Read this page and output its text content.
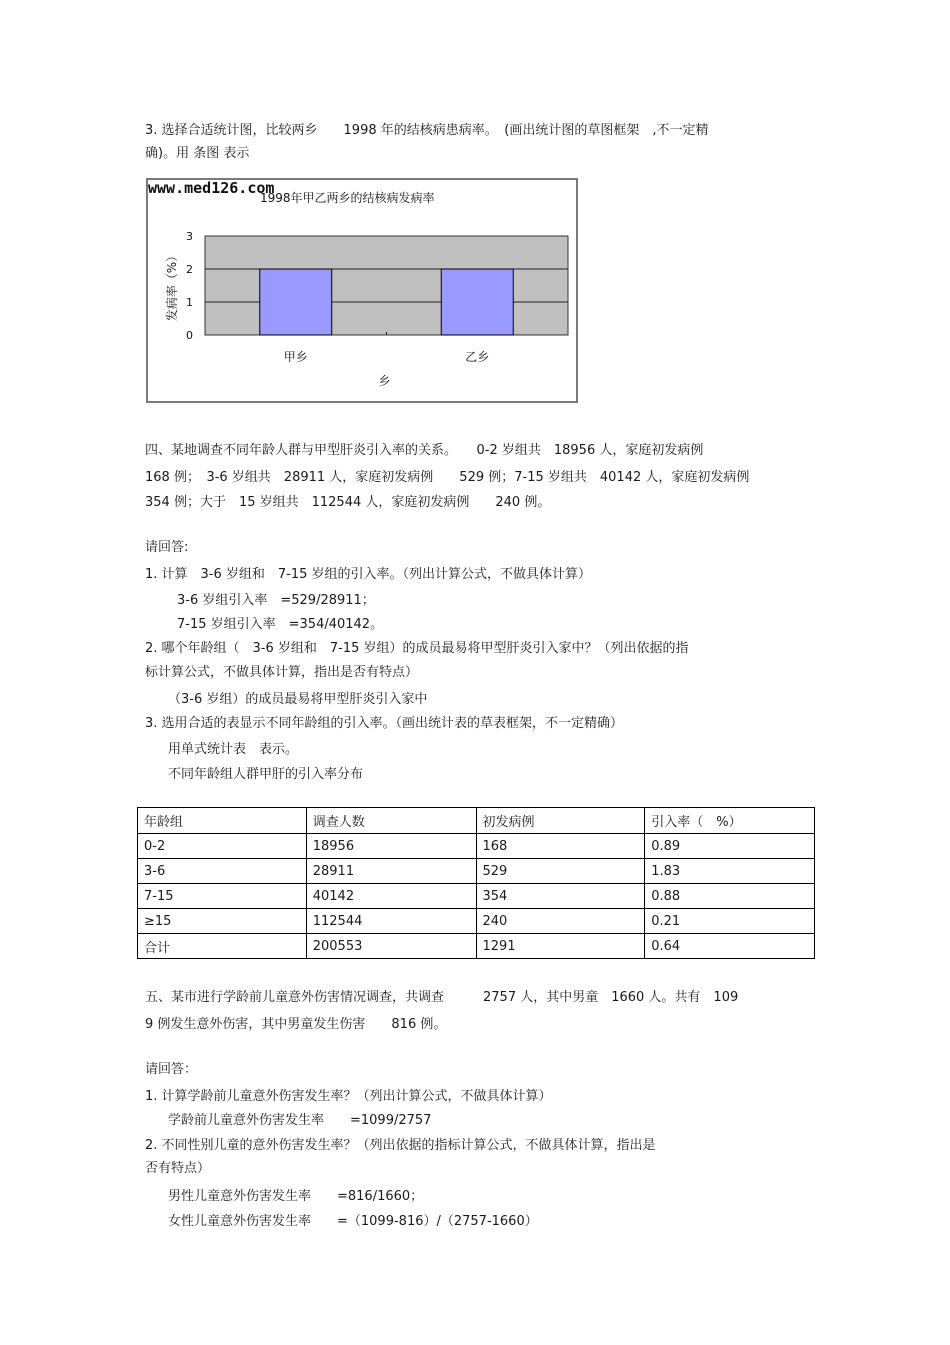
3. 选择合适统计图，比较两乡　　1998 年的结核病患病率。　(画出统计图的草图框架　,不一定精
确)。用 条图 表示
www.med126.com
1998年甲乙两乡的结核病发病率
0
1
2
3
甲乡	乙乡
乡
发病率（%）
四、某地调查不同年龄人群与甲型肝炎引入率的关系。　　0-2 岁组共　18956 人，家庭初发病例
168 例；　3-6 岁组共　28911 人，家庭初发病例　　529 例；7-15 岁组共　40142 人，家庭初发病例
354 例；大于　15 岁组共　112544 人，家庭初发病例　　240 例。
请回答:
1. 计算　3-6 岁组和　7-15 岁组的引入率。（列出计算公式，不做具体计算）
3-6 岁组引入率　=529/28911；
7-15 岁组引入率　=354/40142。
2. 哪个年龄组（　3-6 岁组和　7-15 岁组）的成员最易将甲型肝炎引入家中？（列出依据的指
标计算公式，不做具体计算，指出是否有特点）
（3-6 岁组）的成员最易将甲型肝炎引入家中
3. 选用合适的表显示不同年龄组的引入率。（画出统计表的草表框架，不一定精确）
用单式统计表　表示。
不同年龄组人群甲肝的引入率分布
年龄组	调查人数	初发病例	引入率（　%）
0-2	18956	168	0.89
3-6	28911	529	1.83
7-15	40142	354	0.88
≥15	112544	240	0.21
合计	200553	1291	0.64
五、某市进行学龄前儿童意外伤害情况调查，共调查　　　2757 人，其中男童　1660 人。共有　109
9 例发生意外伤害，其中男童发生伤害　　816 例。
请回答：
1. 计算学龄前儿童意外伤害发生率？（列出计算公式，不做具体计算）
学龄前儿童意外伤害发生率　　=1099/2757
2. 不同性别儿童的意外伤害发生率？（列出依据的指标计算公式，不做具体计算，指出是
否有特点）
男性儿童意外伤害发生率　　=816/1660；
女性儿童意外伤害发生率　　=（1099-816）/（2757-1660）
